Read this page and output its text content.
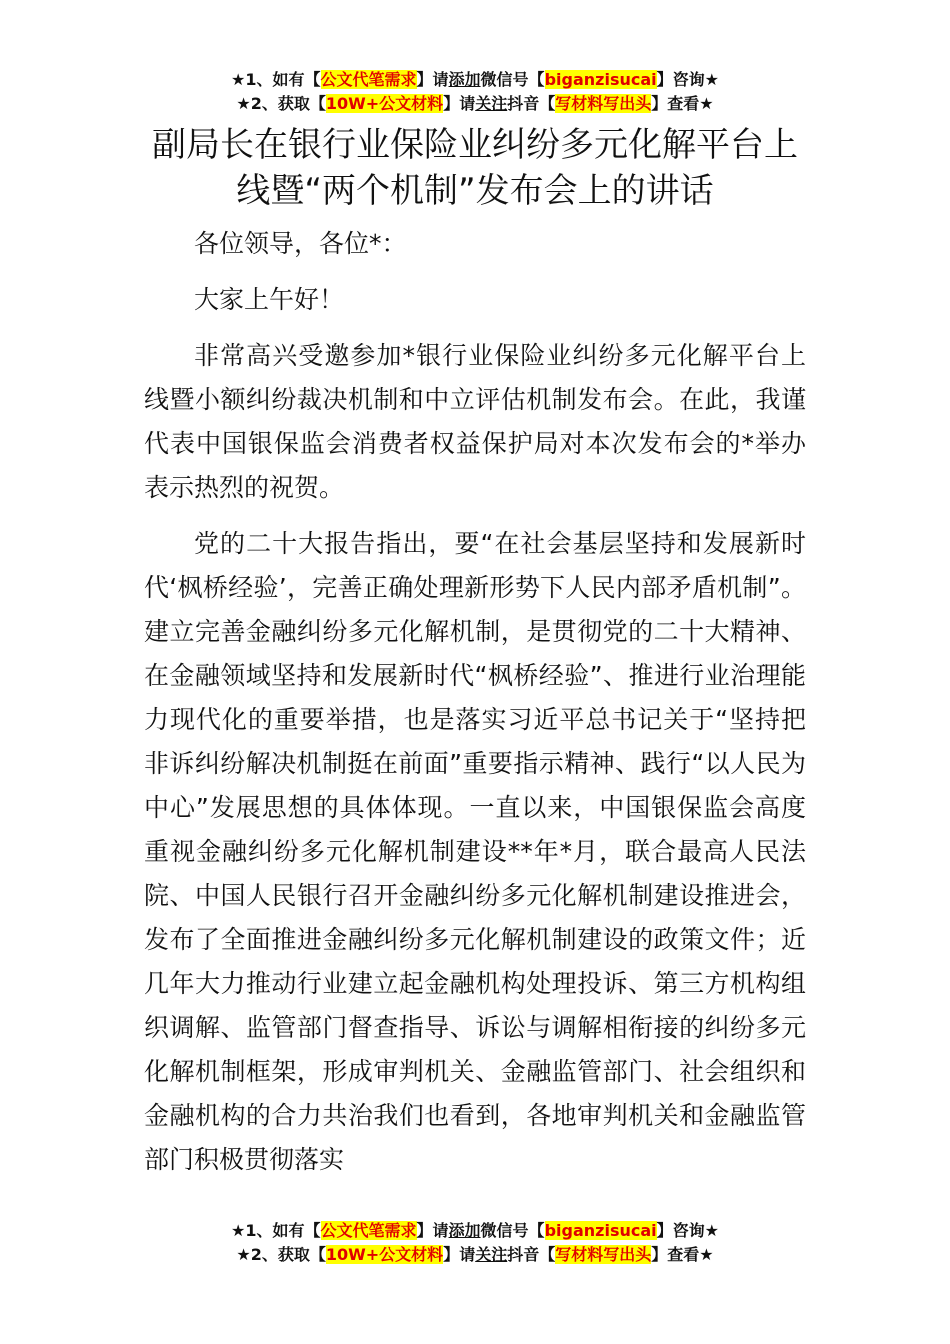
★1、如有【公文代笔需求】请添加微信号【biganzisucai】咨询★
★2、获取【10W+公文材料】请关注抖音【写材料写出头】查看★
副局长在银行业保险业纠纷多元化解平台上
线暨“两个机制”发布会上的讲话

各位领导，各位*：

大家上午好！

非常高兴受邀参加*银行业保险业纠纷多元化解平台上线暨小额纠纷裁决机制和中立评估机制发布会。在此，我谨代表中国银保监会消费者权益保护局对本次发布会的*举办表示热烈的祝贺。

党的二十大报告指出，要“在社会基层坚持和发展新时代‘枫桥经验’，完善正确处理新形势下人民内部矛盾机制”。建立完善金融纠纷多元化解机制，是贯彻党的二十大精神、在金融领域坚持和发展新时代“枫桥经验”、推进行业治理能力现代化的重要举措，也是落实习近平总书记关于“坚持把非诉纠纷解决机制挺在前面”重要指示精神、践行“以人民为中心”发展思想的具体体现。一直以来，中国银保监会高度重视金融纠纷多元化解机制建设**年*月，联合最高人民法院、中国人民银行召开金融纠纷多元化解机制建设推进会，发布了全面推进金融纠纷多元化解机制建设的政策文件；近几年大力推动行业建立起金融机构处理投诉、第三方机构组织调解、监管部门督查指导、诉讼与调解相衔接的纠纷多元化解机制框架，形成审判机关、金融监管部门、社会组织和金融机构的合力共治我们也看到，各地审判机关和金融监管部门积极贯彻落实

★1、如有【公文代笔需求】请添加微信号【biganzisucai】咨询★
★2、获取【10W+公文材料】请关注抖音【写材料写出头】查看★
